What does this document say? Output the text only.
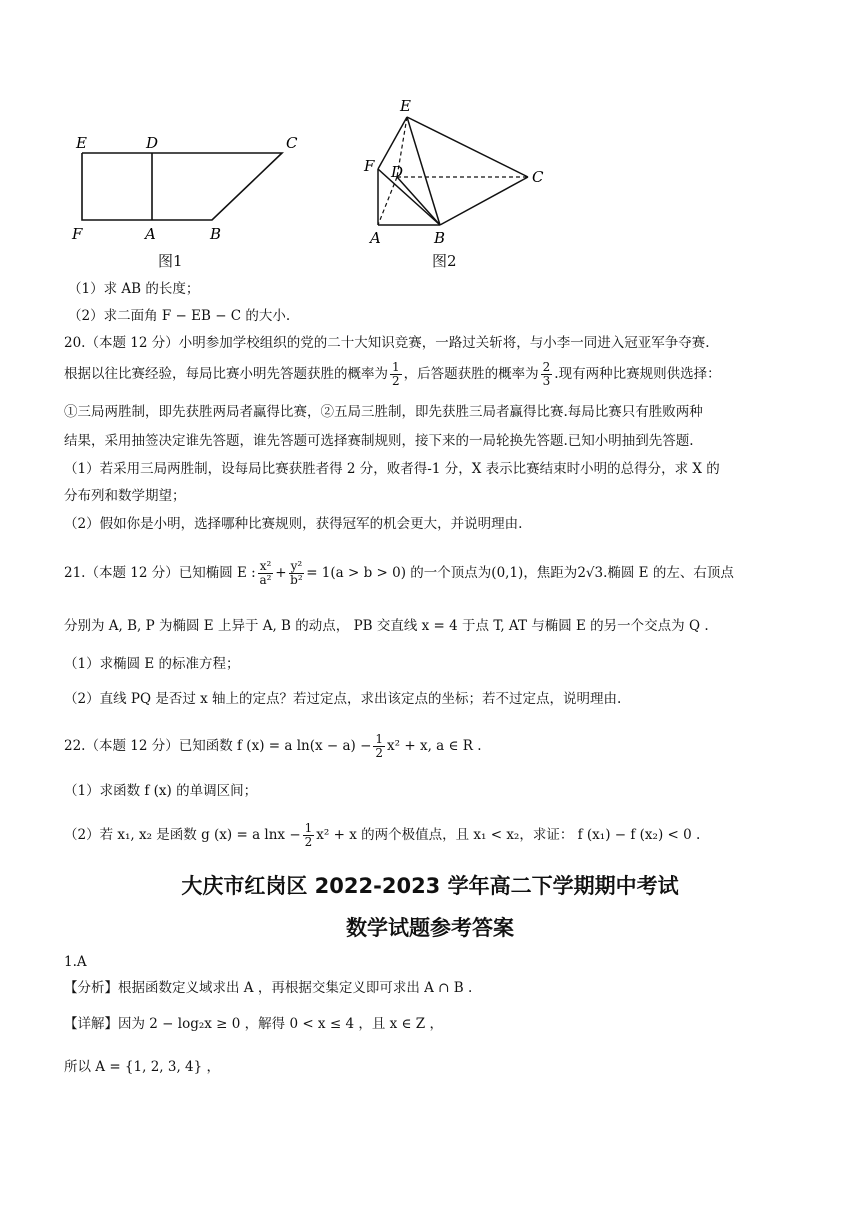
E	D	C
F	A	B
图1
E
F D	C
A	B
图2
（1）求 AB 的长度；
（2）求二面角 F − EB − C 的大小.
20.（本题 12 分）小明参加学校组织的党的二十大知识竞赛，一路过关斩将，与小李一同进入冠亚军争夺赛.
根据以往比赛经验，每局比赛小明先答题获胜的概率为 $\frac{1}{2}$ ，后答题获胜的概率为 $\frac{2}{3}$ .现有两种比赛规则供选择：
①三局两胜制，即先获胜两局者赢得比赛，②五局三胜制，即先获胜三局者赢得比赛.每局比赛只有胜败两种
结果，采用抽签决定谁先答题，谁先答题可选择赛制规则，接下来的一局轮换先答题.已知小明抽到先答题.
（1）若采用三局两胜制，设每局比赛获胜者得 2 分，败者得-1 分，X 表示比赛结束时小明的总得分，求 X 的
分布列和数学期望；
（2）假如你是小明，选择哪种比赛规则，获得冠军的机会更大，并说明理由.
21.（本题 12 分）已知椭圆 E : $\frac{\text{x²}}{\text{a²}} + \frac{\text{y²}}{\text{b²}} = 1(a > b > 0)$ 的一个顶点为(0,1)，焦距为2√3.椭圆 E 的左、右顶点
分别为 A, B, P 为椭圆 E 上异于 A, B 的动点， PB 交直线 x = 4 于点 T, AT 与椭圆 E 的另一个交点为 Q .
（1）求椭圆 E 的标准方程；
（2）直线 PQ 是否过 x 轴上的定点？若过定点，求出该定点的坐标；若不过定点，说明理由.
22.（本题 12 分）已知函数 f (x) = a $\ln(x - a) - \frac{1}{2} x^2 + x$, a ∈ R .
（1）求函数 f (x) 的单调区间；
（2）若 x₁, x₂ 是函数 g (x) = a $\ln x - \frac{1}{2} x^2 + x$ 的两个极值点，且 x₁ < x₂，求证： f (x₁) − f (x₂) < 0 .
大庆市红岗区 2022-2023 学年高二下学期期中考试
数学试题参考答案
1.A
【分析】根据函数定义域求出 A ，再根据交集定义即可求出 A ∩ B .
【详解】因为 2 − log₂x ≥ 0 ，解得 0 < x ≤ 4 ，且 x ∈ Z ，
所以 A = {1, 2, 3, 4} ，
